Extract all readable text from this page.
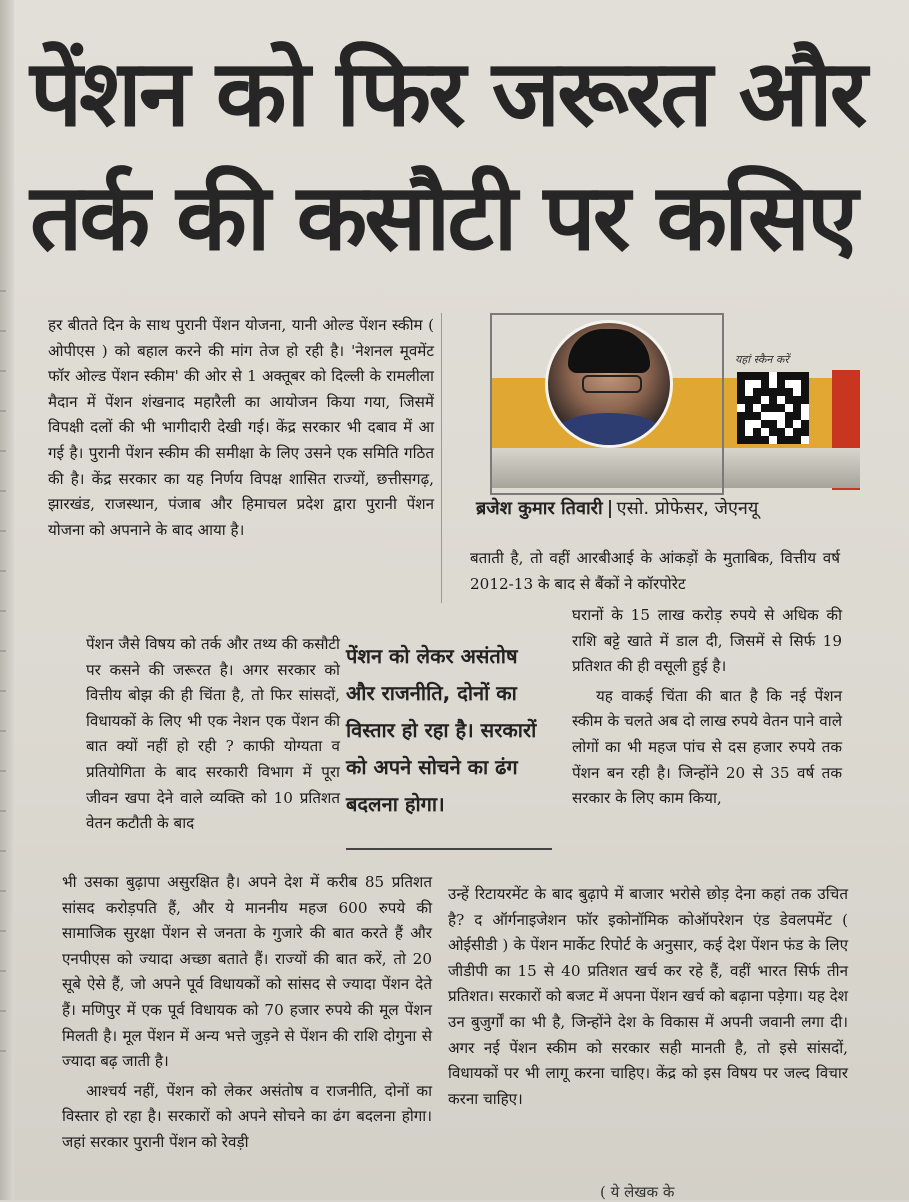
पेंशन को फिर जरूरत और
तर्क की कसौटी पर कसिए

हर बीतते दिन के साथ पुरानी पेंशन योजना, यानी ओल्ड पेंशन स्कीम ( ओपीएस ) को बहाल करने की मांग तेज हो रही है। 'नेशनल मूवमेंट फॉर ओल्ड पेंशन स्कीम' की ओर से 1 अक्तूबर को दिल्ली के रामलीला मैदान में पेंशन शंखनाद महारैली का आयोजन किया गया, जिसमें विपक्षी दलों की भी भागीदारी देखी गई। केंद्र सरकार भी दबाव में आ गई है। पुरानी पेंशन स्कीम की समीक्षा के लिए उसने एक समिति गठित की है। केंद्र सरकार का यह निर्णय विपक्ष शासित राज्यों, छत्तीसगढ़, झारखंड, राजस्थान, पंजाब और हिमाचल प्रदेश द्वारा पुरानी पेंशन योजना को अपनाने के बाद आया है।

पेंशन जैसे विषय को तर्क और तथ्य की कसौटी पर कसने की जरूरत है। अगर सरकार को वित्तीय बोझ की ही चिंता है, तो फिर सांसदों, विधायकों के लिए भी एक नेशन एक पेंशन की बात क्यों नहीं हो रही ? काफी योग्यता व प्रतियोगिता के बाद सरकारी विभाग में पूरा जीवन खपा देने वाले व्यक्ति को 10 प्रतिशत वेतन कटौती के बाद

भी उसका बुढ़ापा असुरक्षित है। अपने देश में करीब 85 प्रतिशत सांसद करोड़पति हैं, और ये माननीय महज 600 रुपये की सामाजिक सुरक्षा पेंशन से जनता के गुजारे की बात करते हैं और एनपीएस को ज्यादा अच्छा बताते हैं। राज्यों की बात करें, तो 20 सूबे ऐसे हैं, जो अपने पूर्व विधायकों को सांसद से ज्यादा पेंशन देते हैं। मणिपुर में एक पूर्व विधायक को 70 हजार रुपये की मूल पेंशन मिलती है। मूल पेंशन में अन्य भत्ते जुड़ने से पेंशन की राशि दोगुना से ज्यादा बढ़ जाती है।

आश्चर्य नहीं, पेंशन को लेकर असंतोष व राजनीति, दोनों का विस्तार हो रहा है। सरकारों को अपने सोचने का ढंग बदलना होगा। जहां सरकार पुरानी पेंशन को रेवड़ी

यहां स्कैन करें
ब्रजेश कुमार तिवारी एसो. प्रोफेसर, जेएनयू
पेंशन को लेकर असंतोष और राजनीति, दोनों का विस्तार हो रहा है। सरकारों को अपने सोचने का ढंग बदलना होगा।

बताती है, तो वहीं आरबीआई के आंकड़ों के मुताबिक, वित्तीय वर्ष 2012-13 के बाद से बैंकों ने कॉरपोरेट

घरानों के 15 लाख करोड़ रुपये से अधिक की राशि बट्टे खाते में डाल दी, जिसमें से सिर्फ 19 प्रतिशत की ही वसूली हुई है।

यह वाकई चिंता की बात है कि नई पेंशन स्कीम के चलते अब दो लाख रुपये वेतन पाने वाले लोगों का भी महज पांच से दस हजार रुपये तक पेंशन बन रही है। जिन्होंने 20 से 35 वर्ष तक सरकार के लिए काम किया,

उन्हें रिटायरमेंट के बाद बुढ़ापे में बाजार भरोसे छोड़ देना कहां तक उचित है? द ऑर्गनाइजेशन फॉर इकोनॉमिक कोऑपरेशन एंड डेवलपमेंट ( ओईसीडी ) के पेंशन मार्केट रिपोर्ट के अनुसार, कई देश पेंशन फंड के लिए जीडीपी का 15 से 40 प्रतिशत खर्च कर रहे हैं, वहीं भारत सिर्फ तीन प्रतिशत। सरकारों को बजट में अपना पेंशन खर्च को बढ़ाना पड़ेगा। यह देश उन बुजुर्गों का भी है, जिन्होंने देश के विकास में अपनी जवानी लगा दी। अगर नई पेंशन स्कीम को सरकार सही मानती है, तो इसे सांसदों, विधायकों पर भी लागू करना चाहिए। केंद्र को इस विषय पर जल्द विचार करना चाहिए।

( ये लेखक के
